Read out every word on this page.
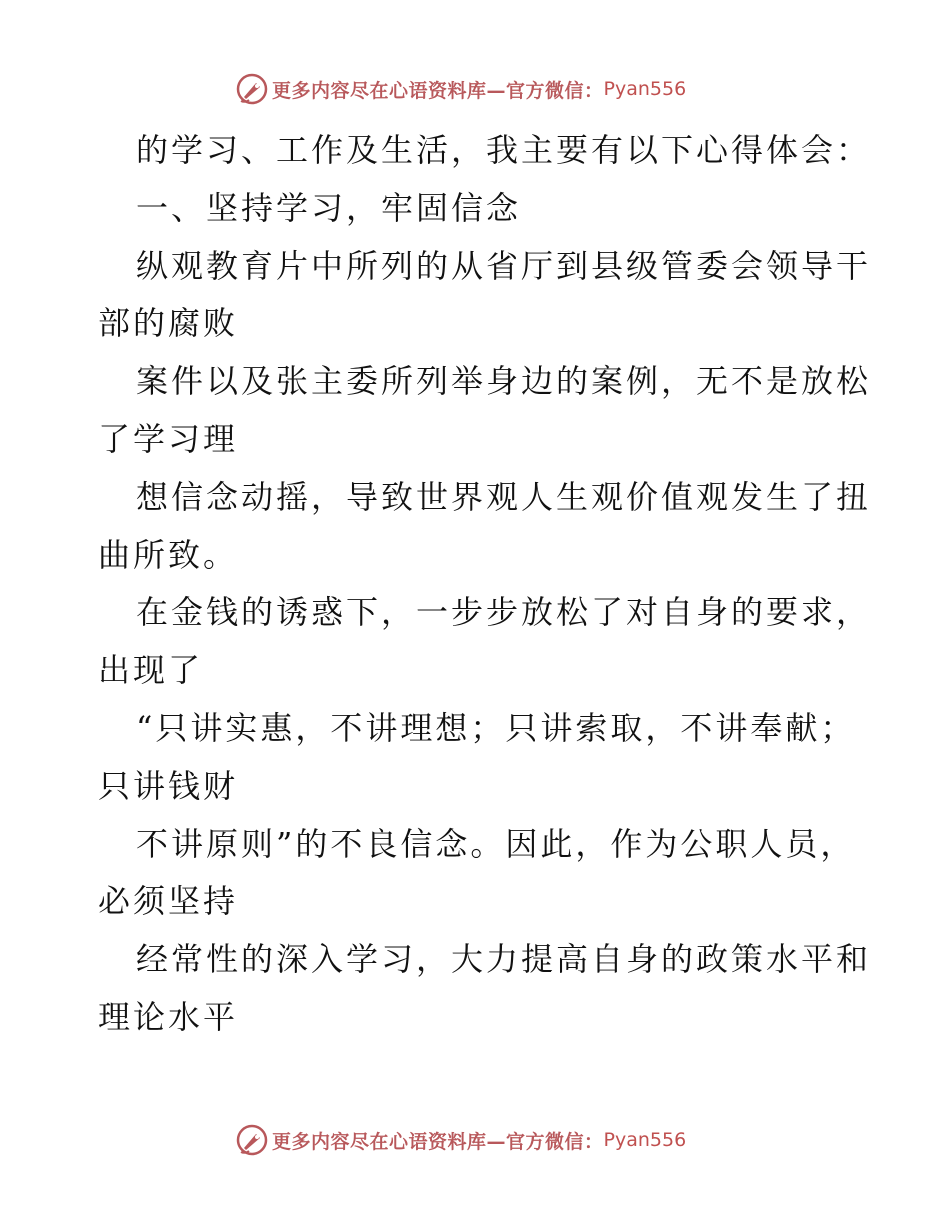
更多内容尽在心语资料库—官方微信： Pyan556
的学习、工作及生活，我主要有以下心得体会：
一、坚持学习，牢固信念
纵观教育片中所列的从省厅到县级管委会领导干
部的腐败
案件以及张主委所列举身边的案例，无不是放松
了学习理
想信念动摇，导致世界观人生观价值观发生了扭
曲所致。
在金钱的诱惑下，一步步放松了对自身的要求，
出现了
“只讲实惠，不讲理想；只讲索取，不讲奉献；
只讲钱财
不讲原则”的不良信念。因此，作为公职人员，
必须坚持
经常性的深入学习，大力提高自身的政策水平和
理论水平
更多内容尽在心语资料库—官方微信： Pyan556
